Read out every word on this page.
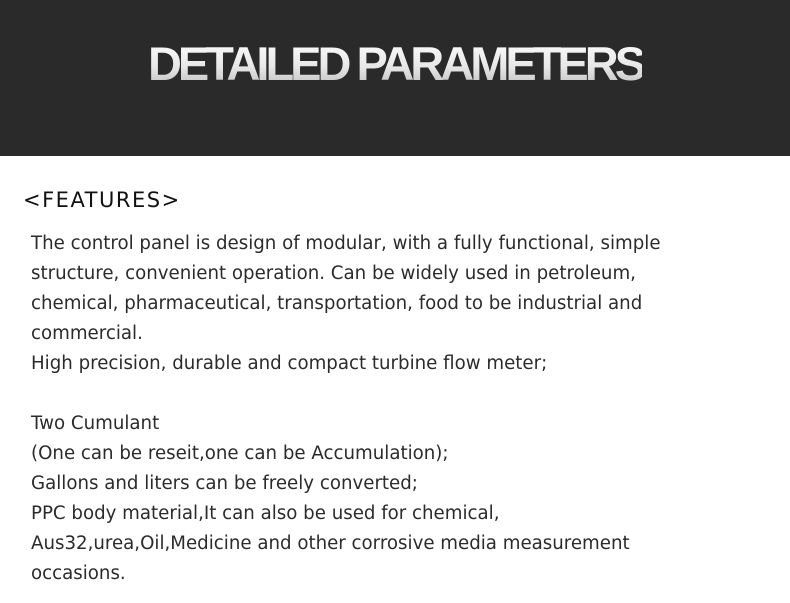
DETAILED PARAMETERS
<FEATURES>
The control panel is design of modular, with a fully functional, simple
structure, convenient operation. Can be widely used in petroleum,
chemical, pharmaceutical, transportation, food to be industrial and
commercial.
High precision, durable and compact turbine flow meter;
Two Cumulant
(One can be reseit,one can be Accumulation);
Gallons and liters can be freely converted;
PPC body material,It can also be used for chemical,
Aus32,urea,Oil,Medicine and other corrosive media measurement
occasions.
